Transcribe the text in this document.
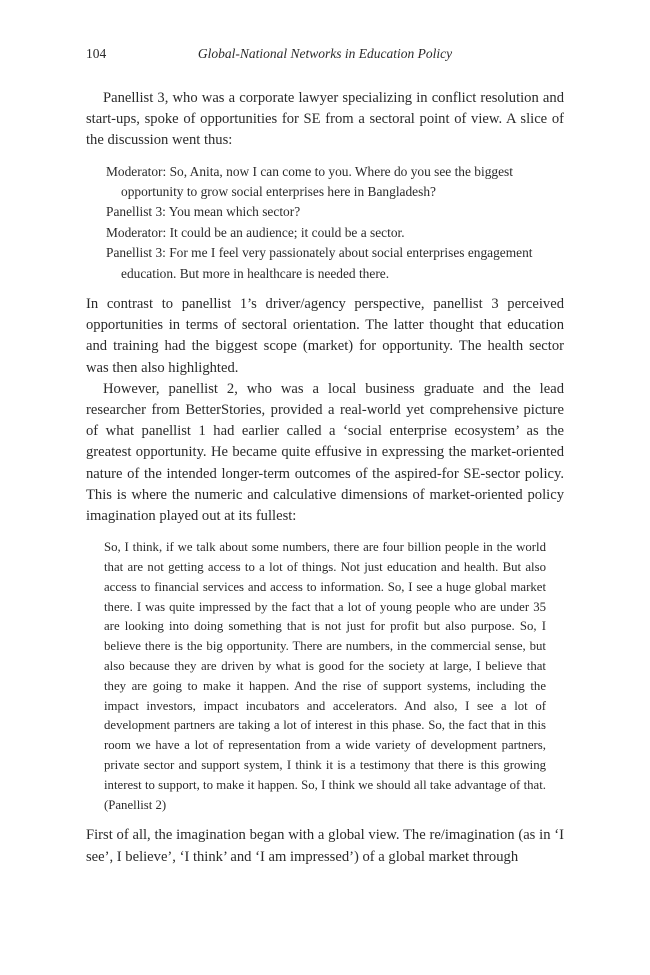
104	Global-National Networks in Education Policy

Panellist 3, who was a corporate lawyer specializing in conflict resolution and start-ups, spoke of opportunities for SE from a sectoral point of view. A slice of the discussion went thus:

Moderator: So, Anita, now I can come to you. Where do you see the biggest opportunity to grow social enterprises here in Bangladesh?
Panellist 3: You mean which sector?
Moderator: It could be an audience; it could be a sector.
Panellist 3: For me I feel very passionately about social enterprises engagement education. But more in healthcare is needed there.

In contrast to panellist 1’s driver/agency perspective, panellist 3 perceived opportunities in terms of sectoral orientation. The latter thought that education and training had the biggest scope (market) for opportunity. The health sector was then also highlighted.

However, panellist 2, who was a local business graduate and the lead researcher from BetterStories, provided a real-world yet comprehensive picture of what panellist 1 had earlier called a ‘social enterprise ecosystem’ as the greatest opportunity. He became quite effusive in expressing the market-oriented nature of the intended longer-term outcomes of the aspired-for SE-sector policy. This is where the numeric and calculative dimensions of market-oriented policy imagination played out at its fullest:

So, I think, if we talk about some numbers, there are four billion people in the world that are not getting access to a lot of things. Not just education and health. But also access to financial services and access to information. So, I see a huge global market there. I was quite impressed by the fact that a lot of young people who are under 35 are looking into doing something that is not just for profit but also purpose. So, I believe there is the big opportunity. There are numbers, in the commercial sense, but also because they are driven by what is good for the society at large, I believe that they are going to make it happen. And the rise of support systems, including the impact investors, impact incubators and accelerators. And also, I see a lot of development partners are taking a lot of interest in this phase. So, the fact that in this room we have a lot of representation from a wide variety of development partners, private sector and support system, I think it is a testimony that there is this growing interest to support, to make it happen. So, I think we should all take advantage of that. (Panellist 2)

First of all, the imagination began with a global view. The re/imagination (as in ‘I see’, I believe’, ‘I think’ and ‘I am impressed’) of a global market through
